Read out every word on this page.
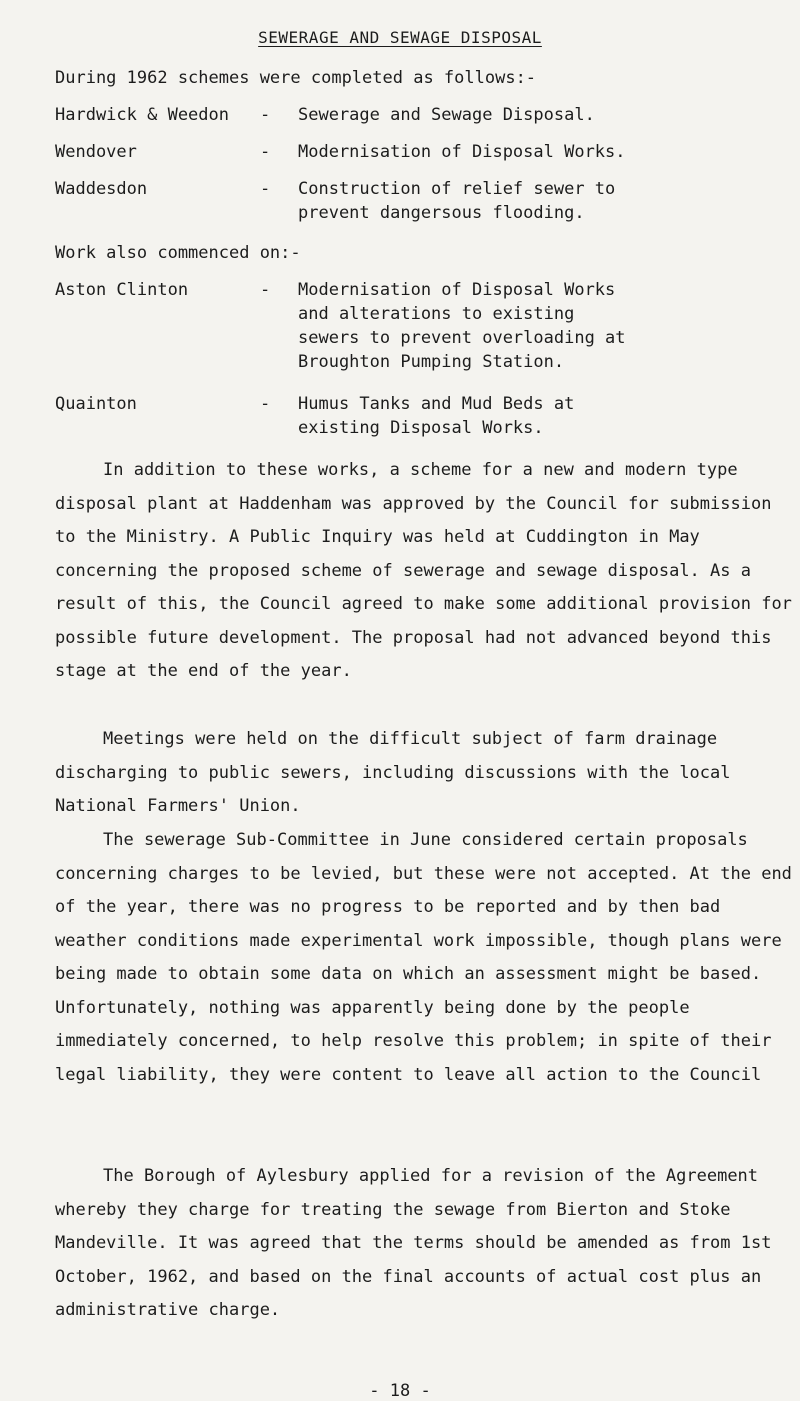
SEWERAGE AND SEWAGE DISPOSAL
During 1962 schemes were completed as follows:-
Hardwick & Weedon - Sewerage and Sewage Disposal.
Wendover	- Modernisation of Disposal Works.
Waddesdon	- Construction of relief sewer to
prevent dangersous flooding.
Work also commenced on:-
Aston Clinton	- Modernisation of Disposal Works
and alterations to existing
sewers to prevent overloading at
Broughton Pumping Station.
Quainton	- Humus Tanks and Mud Beds at
existing Disposal Works.
In addition to these works, a scheme for a new and modern type disposal plant at Haddenham was approved by the Council for submission to the Ministry. A Public Inquiry was held at Cuddington in May concerning the proposed scheme of sewerage and sewage disposal. As a result of this, the Council agreed to make some additional provision for possible future development. The proposal had not advanced beyond this stage at the end of the year.
Meetings were held on the difficult subject of farm drainage discharging to public sewers, including discussions with the local National Farmers' Union.
The sewerage Sub-Committee in June considered certain proposals concerning charges to be levied, but these were not accepted. At the end of the year, there was no progress to be reported and by then bad weather conditions made experimental work impossible, though plans were being made to obtain some data on which an assessment might be based. Unfortunately, nothing was apparently being done by the people immediately concerned, to help resolve this problem; in spite of their legal liability, they were content to leave all action to the Council
The Borough of Aylesbury applied for a revision of the Agreement whereby they charge for treating the sewage from Bierton and Stoke Mandeville. It was agreed that the terms should be amended as from 1st October, 1962, and based on the final accounts of actual cost plus an administrative charge.
- 18 -
